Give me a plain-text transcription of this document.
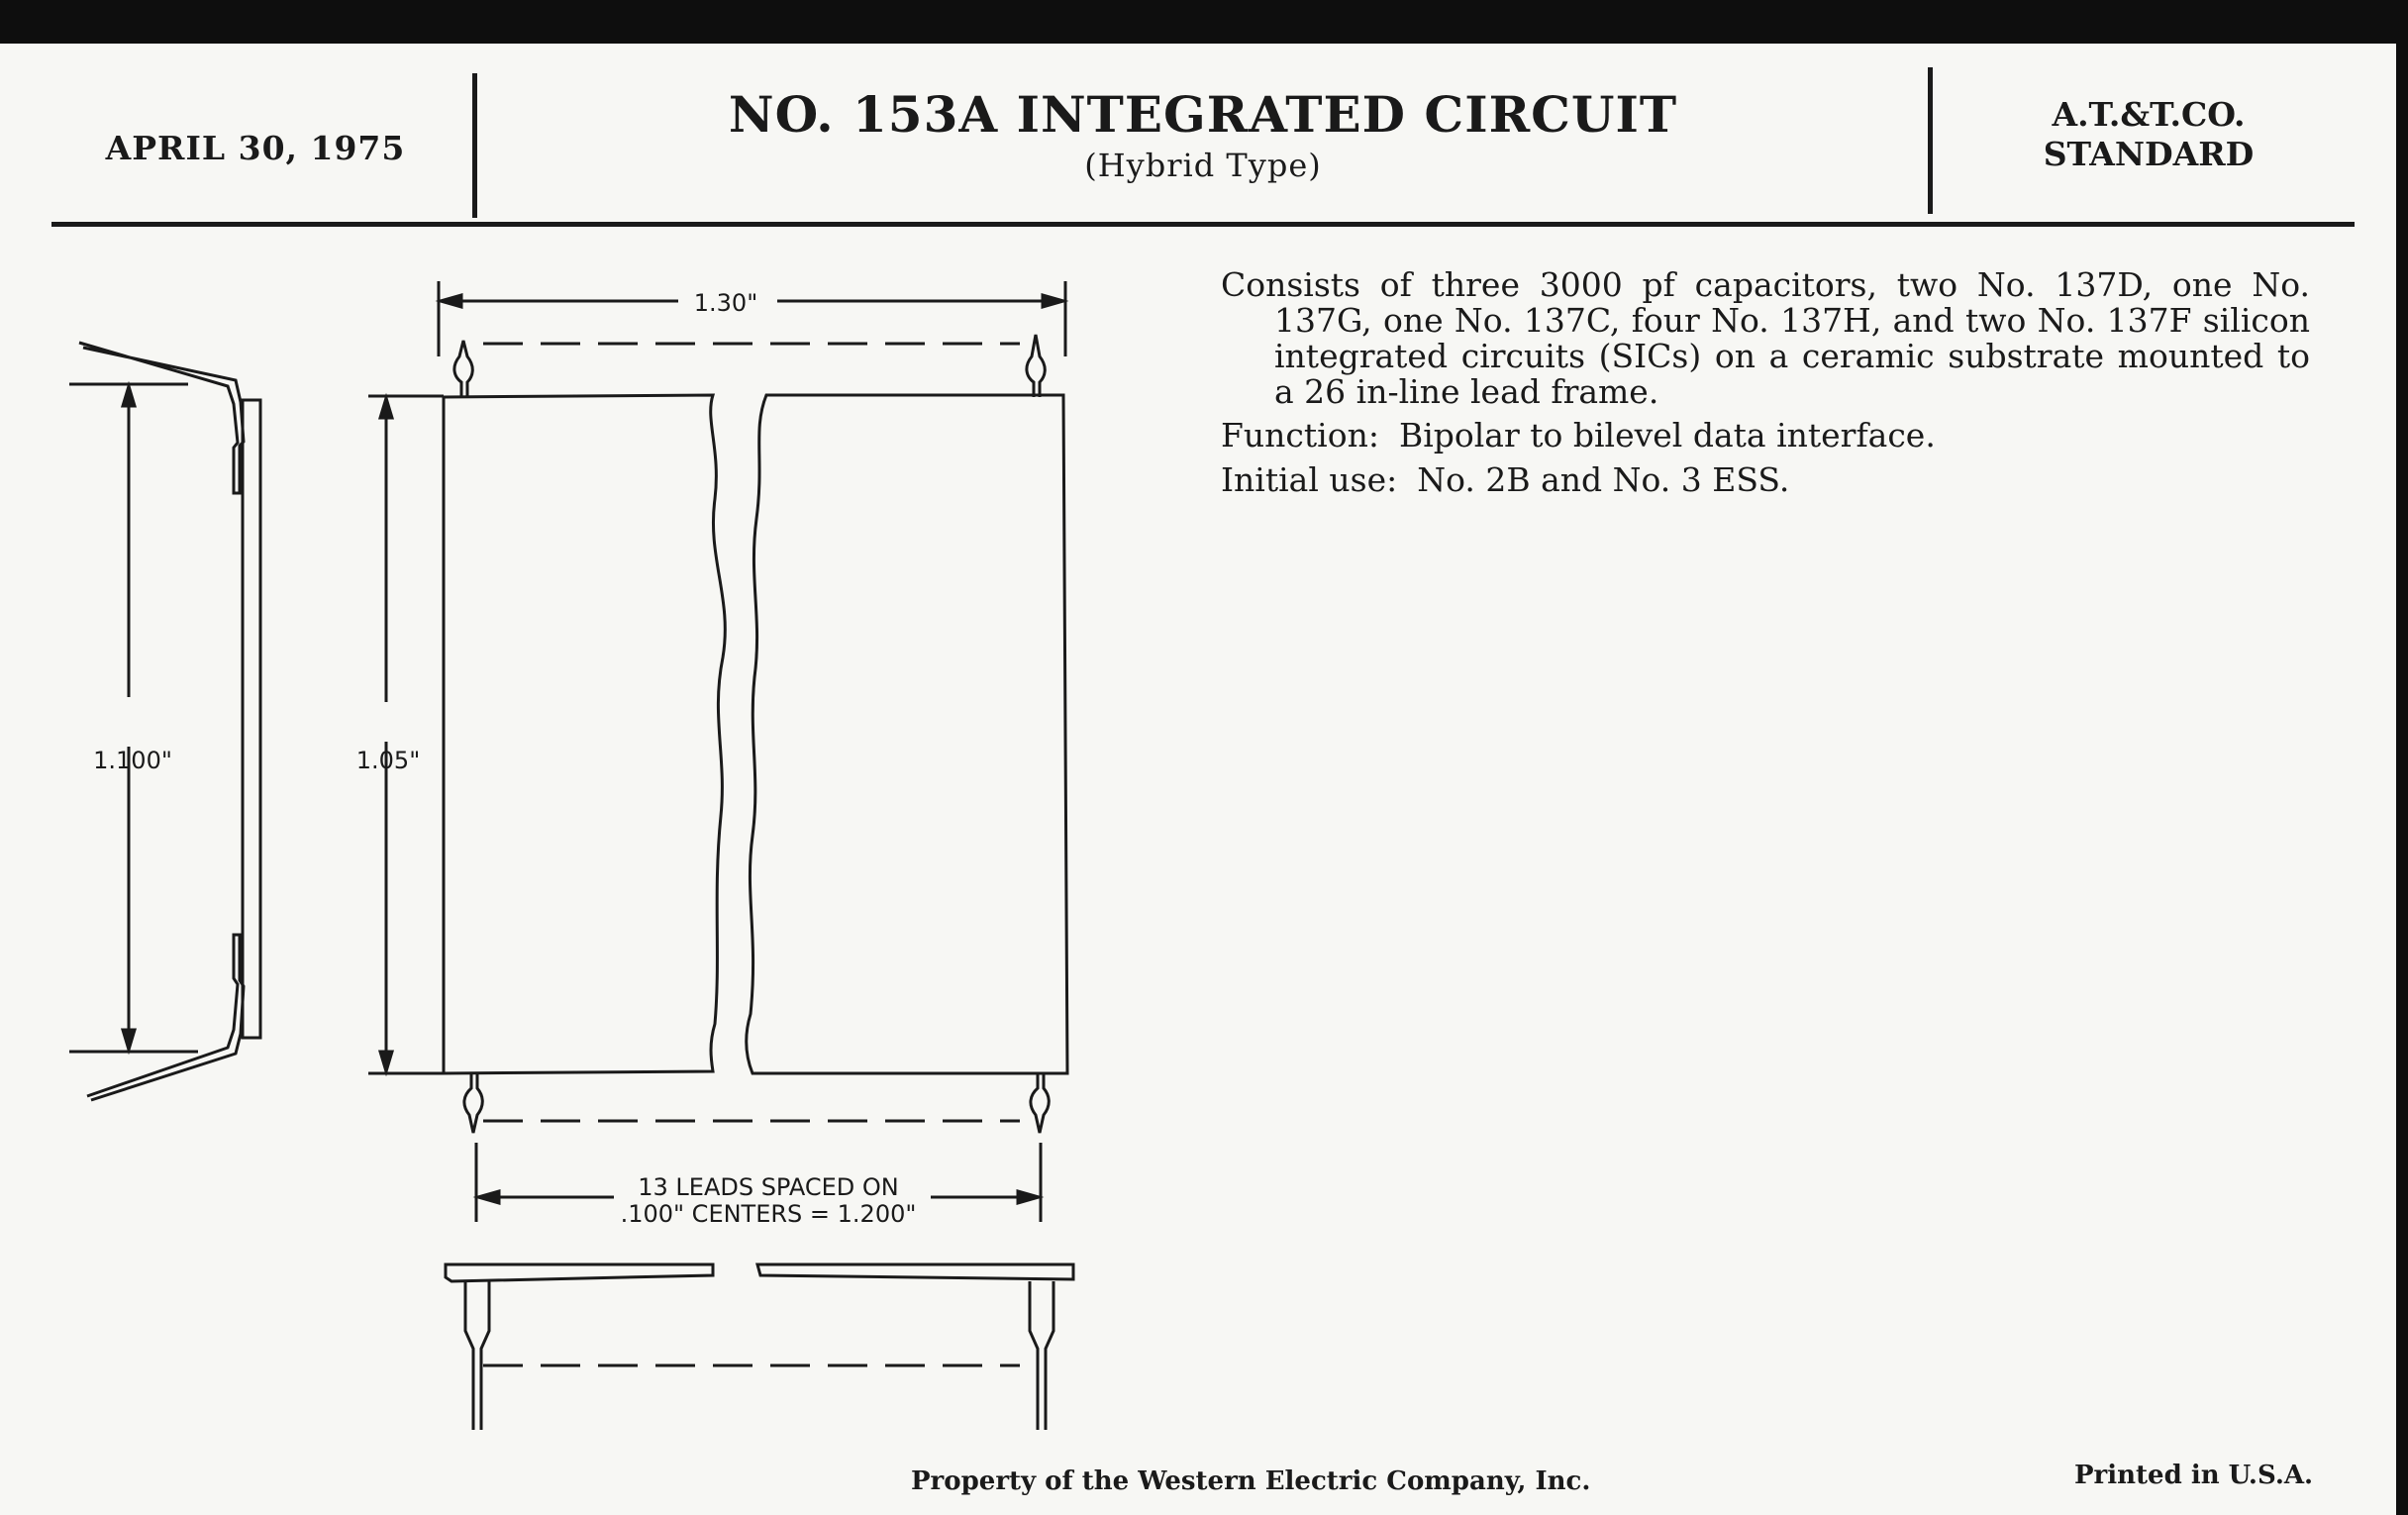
APRIL 30, 1975
NO. 153A INTEGRATED CIRCUIT
(Hybrid Type)
A.T.&T.CO.
STANDARD
1.30"
1.05"
1.100"
13 LEADS SPACED ON
.100" CENTERS = 1.200"

Consists of three 3000 pf capacitors, two No. 137D, one No. 137G, one No. 137C, four No. 137H, and two No. 137F silicon integrated circuits (SICs) on a ceramic substrate mounted to a 26 in-line lead frame.

Function: Bipolar to bilevel data interface.

Initial use: No. 2B and No. 3 ESS.

Property of the Western Electric Company, Inc.	Printed in U.S.A.
